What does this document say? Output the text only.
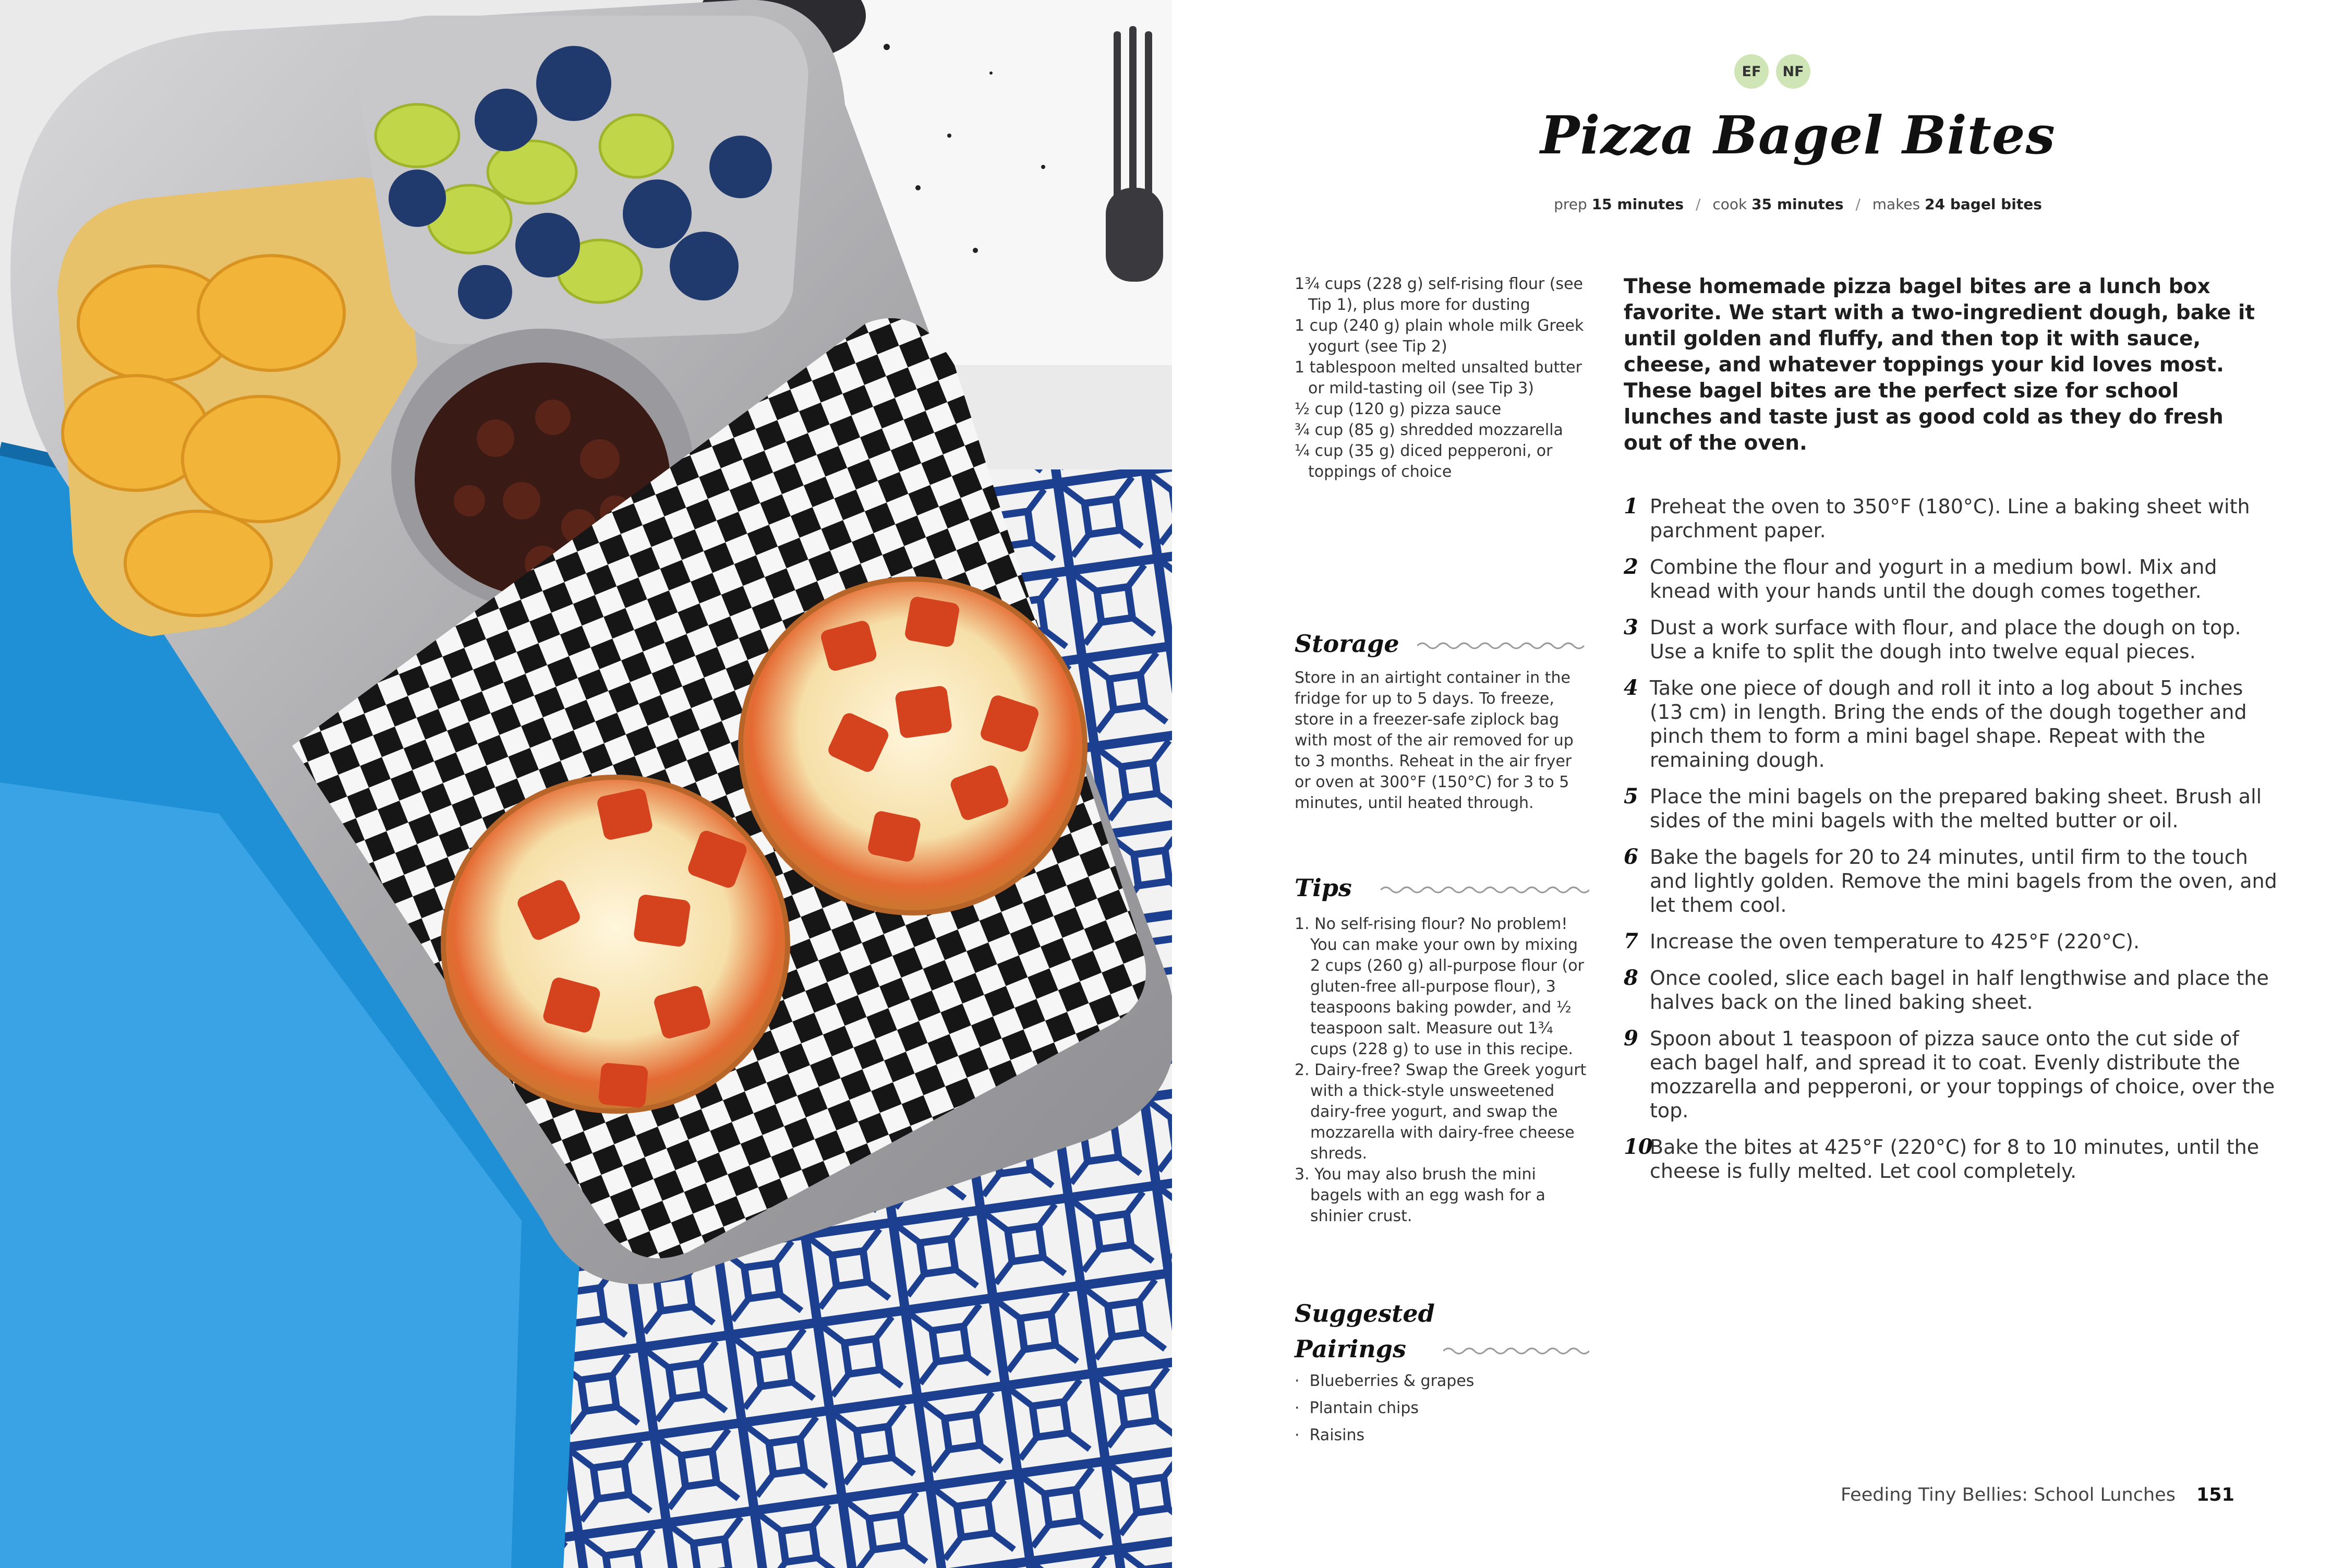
EF	NF
Pizza Bagel Bites
prep 15 minutes / cook 35 minutes / makes 24 bagel bites
1¾ cups (228 g) self-rising flour (see Tip 1), plus more for dusting
1 cup (240 g) plain whole milk Greek yogurt (see Tip 2)
1 tablespoon melted unsalted butter or mild-tasting oil (see Tip 3)
½ cup (120 g) pizza sauce
¾ cup (85 g) shredded mozzarella
¼ cup (35 g) diced pepperoni, or toppings of choice
Storage
Store in an airtight container in the fridge for up to 5 days. To freeze, store in a freezer-safe ziplock bag with most of the air removed for up to 3 months. Reheat in the air fryer or oven at 300°F (150°C) for 3 to 5 minutes, until heated through.
Tips
1. No self-rising flour? No problem! You can make your own by mixing 2 cups (260 g) all-purpose flour (or gluten-free all-purpose flour), 3 teaspoons baking powder, and ½ teaspoon salt. Measure out 1¾ cups (228 g) to use in this recipe.
2. Dairy-free? Swap the Greek yogurt with a thick-style unsweetened dairy-free yogurt, and swap the mozzarella with dairy-free cheese shreds.
3. You may also brush the mini bagels with an egg wash for a shinier crust.
Suggested
Pairings
· Blueberries & grapes
· Plantain chips
· Raisins
These homemade pizza bagel bites are a lunch box favorite. We start with a two-ingredient dough, bake it until golden and fluffy, and then top it with sauce, cheese, and whatever toppings your kid loves most. These bagel bites are the perfect size for school lunches and taste just as good cold as they do fresh out of the oven.
1 Preheat the oven to 350°F (180°C). Line a baking sheet with parchment paper.
2 Combine the flour and yogurt in a medium bowl. Mix and knead with your hands until the dough comes together.
3 Dust a work surface with flour, and place the dough on top. Use a knife to split the dough into twelve equal pieces.
4 Take one piece of dough and roll it into a log about 5 inches (13 cm) in length. Bring the ends of the dough together and pinch them to form a mini bagel shape. Repeat with the remaining dough.
5 Place the mini bagels on the prepared baking sheet. Brush all sides of the mini bagels with the melted butter or oil.
6 Bake the bagels for 20 to 24 minutes, until firm to the touch and lightly golden. Remove the mini bagels from the oven, and let them cool.
7 Increase the oven temperature to 425°F (220°C).
8 Once cooled, slice each bagel in half lengthwise and place the halves back on the lined baking sheet.
9 Spoon about 1 teaspoon of pizza sauce onto the cut side of each bagel half, and spread it to coat. Evenly distribute the mozzarella and pepperoni, or your toppings of choice, over the top.
10
Bake the bites at 425°F (220°C) for 8 to 10 minutes, until the cheese is fully melted. Let cool completely.
Feeding Tiny Bellies: School Lunches 151
